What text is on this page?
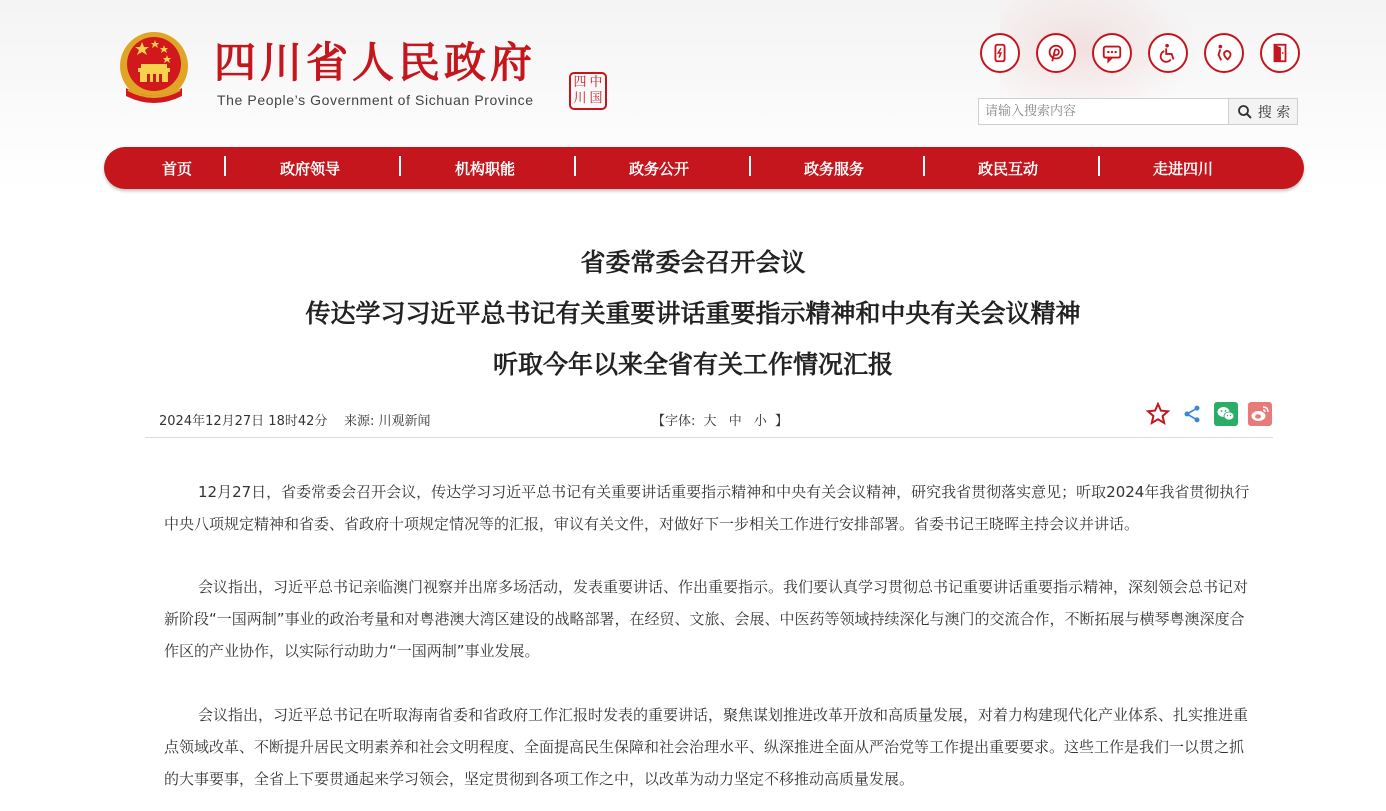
四川省人民政府
The People’s Government of Sichuan Province
四 中
川 国
请输入搜索内容
搜 索
首页	政府领导	机构职能	政务公开	政务服务	政民互动	走进四川
省委常委会召开会议
传达学习习近平总书记有关重要讲话重要指示精神和中央有关会议精神
听取今年以来全省有关工作情况汇报
2024年12月27日 18时42分 来源: 川观新闻	【字体: 大 中 小 】

12月27日，省委常委会召开会议，传达学习习近平总书记有关重要讲话重要指示精神和中央有关会议精神，研究我省贯彻落实意见；听取2024年我省贯彻执行中央八项规定精神和省委、省政府十项规定情况等的汇报，审议有关文件，对做好下一步相关工作进行安排部署。省委书记王晓晖主持会议并讲话。

会议指出，习近平总书记亲临澳门视察并出席多场活动，发表重要讲话、作出重要指示。我们要认真学习贯彻总书记重要讲话重要指示精神，深刻领会总书记对新阶段“一国两制”事业的政治考量和对粤港澳大湾区建设的战略部署，在经贸、文旅、会展、中医药等领域持续深化与澳门的交流合作，不断拓展与横琴粤澳深度合作区的产业协作，以实际行动助力“一国两制”事业发展。

会议指出，习近平总书记在听取海南省委和省政府工作汇报时发表的重要讲话，聚焦谋划推进改革开放和高质量发展，对着力构建现代化产业体系、扎实推进重点领域改革、不断提升居民文明素养和社会文明程度、全面提高民生保障和社会治理水平、纵深推进全面从严治党等工作提出重要要求。这些工作是我们一以贯之抓的大事要事，全省上下要贯通起来学习领会，坚定贯彻到各项工作之中，以改革为动力坚定不移推动高质量发展。
